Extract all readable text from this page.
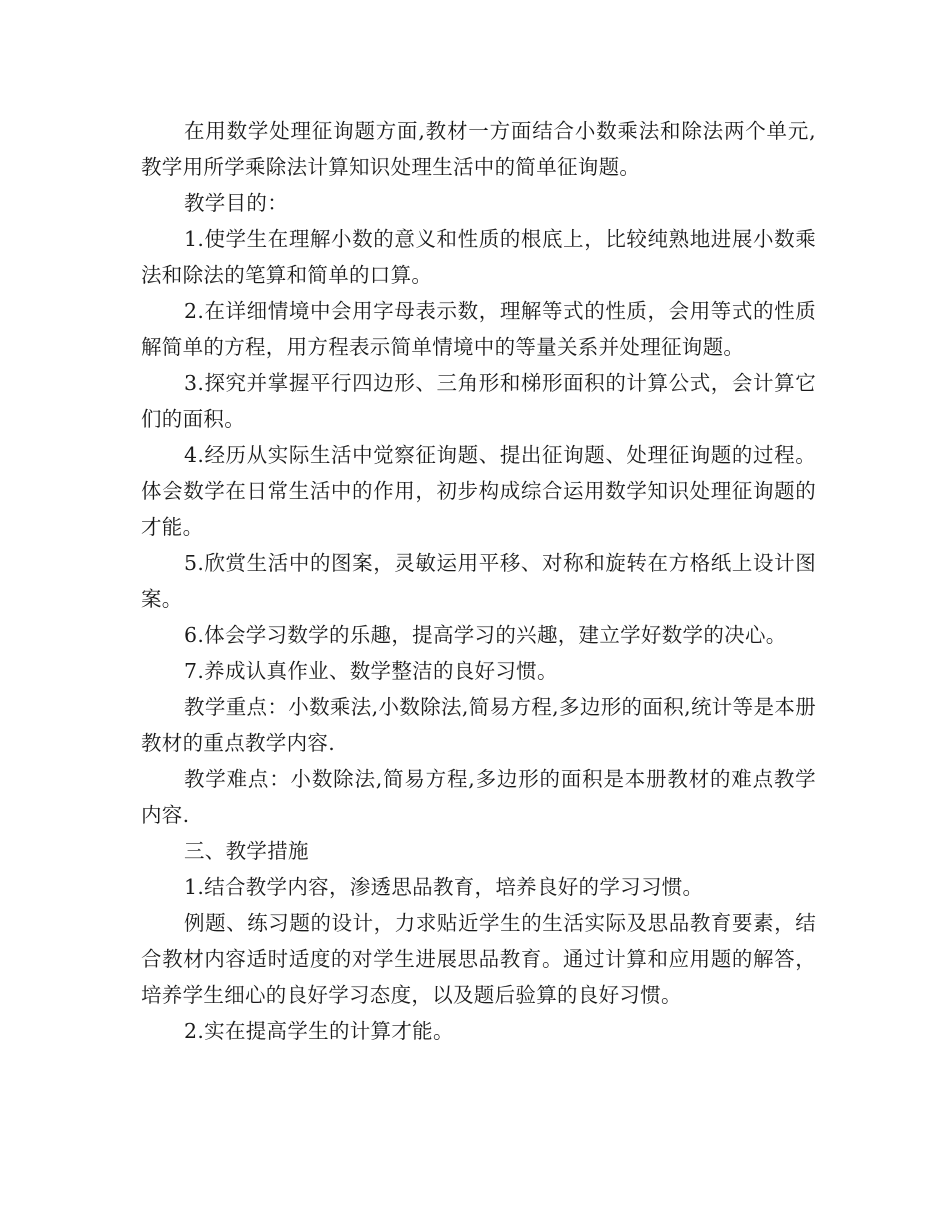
在用数学处理征询题方面,教材一方面结合小数乘法和除法两个单元,教学用所学乘除法计算知识处理生活中的简单征询题。

教学目的：

1.使学生在理解小数的意义和性质的根底上，比较纯熟地进展小数乘法和除法的笔算和简单的口算。

2.在详细情境中会用字母表示数，理解等式的性质，会用等式的性质解简单的方程，用方程表示简单情境中的等量关系并处理征询题。

3.探究并掌握平行四边形、三角形和梯形面积的计算公式，会计算它们的面积。

4.经历从实际生活中觉察征询题、提出征询题、处理征询题的过程。体会数学在日常生活中的作用，初步构成综合运用数学知识处理征询题的才能。

5.欣赏生活中的图案，灵敏运用平移、对称和旋转在方格纸上设计图案。

6.体会学习数学的乐趣，提高学习的兴趣，建立学好数学的决心。

7.养成认真作业、数学整洁的良好习惯。

教学重点：小数乘法,小数除法,简易方程,多边形的面积,统计等是本册教材的重点教学内容.

教学难点：小数除法,简易方程,多边形的面积是本册教材的难点教学内容.

三、教学措施

1.结合教学内容，渗透思品教育，培养良好的学习习惯。

例题、练习题的设计，力求贴近学生的生活实际及思品教育要素，结合教材内容适时适度的对学生进展思品教育。通过计算和应用题的解答，培养学生细心的良好学习态度，以及题后验算的良好习惯。

2.实在提高学生的计算才能。
